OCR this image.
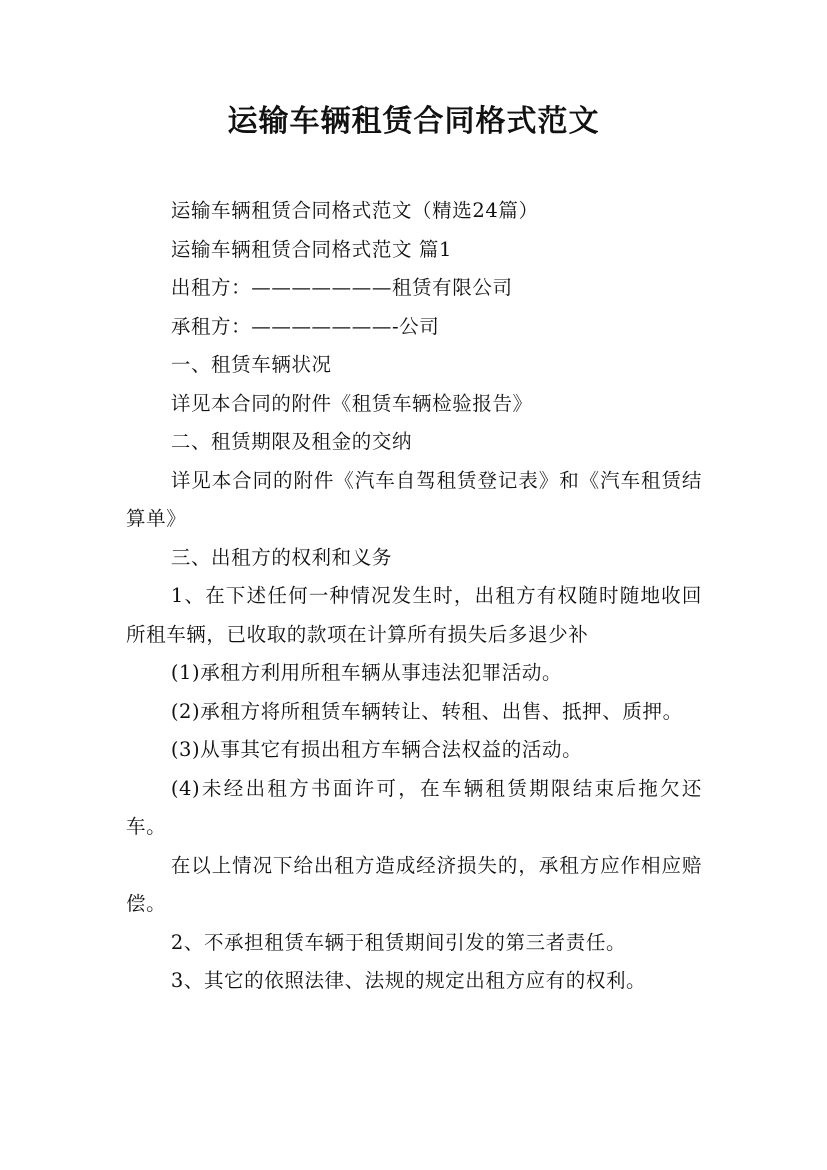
运输车辆租赁合同格式范文

运输车辆租赁合同格式范文（精选24篇）

运输车辆租赁合同格式范文 篇1

出租方：———————租赁有限公司

承租方：———————-公司

一、租赁车辆状况

详见本合同的附件《租赁车辆检验报告》

二、租赁期限及租金的交纳

详见本合同的附件《汽车自驾租赁登记表》和《汽车租赁结算单》

三、出租方的权利和义务

1、在下述任何一种情况发生时，出租方有权随时随地收回所租车辆，已收取的款项在计算所有损失后多退少补

(1)承租方利用所租车辆从事违法犯罪活动。

(2)承租方将所租赁车辆转让、转租、出售、抵押、质押。

(3)从事其它有损出租方车辆合法权益的活动。

(4)未经出租方书面许可，在车辆租赁期限结束后拖欠还车。

在以上情况下给出租方造成经济损失的，承租方应作相应赔偿。

2、不承担租赁车辆于租赁期间引发的第三者责任。

3、其它的依照法律、法规的规定出租方应有的权利。
